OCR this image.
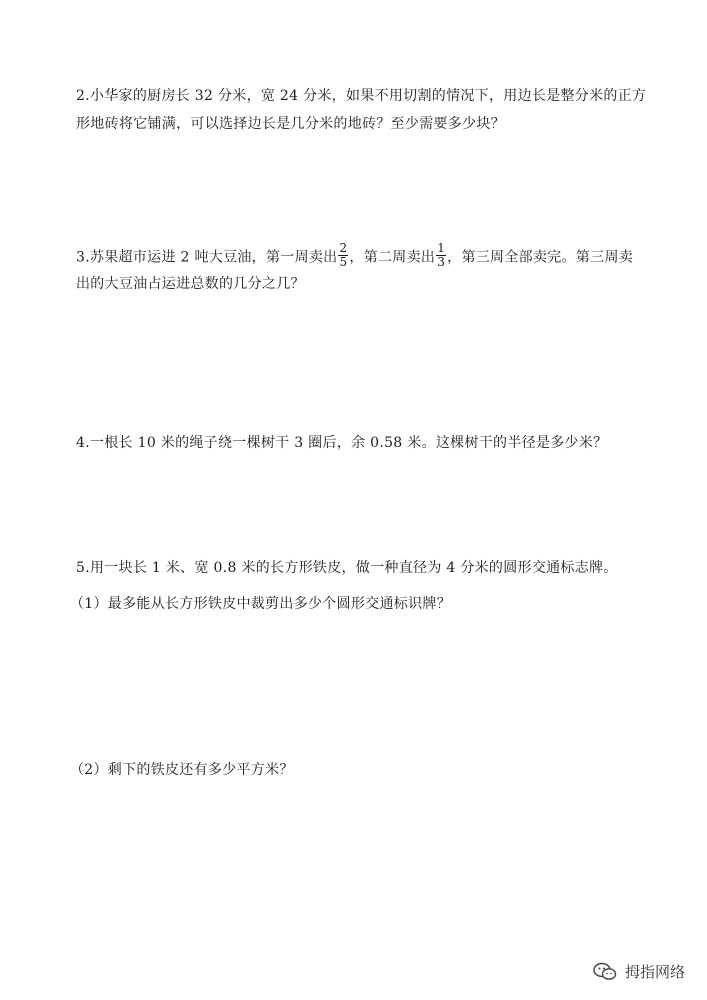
2.小华家的厨房长 32 分米，宽 24 分米，如果不用切割的情况下，用边长是整分米的正方
形地砖将它铺满，可以选择边长是几分米的地砖？至少需要多少块？
3.苏果超市运进 2 吨大豆油，第一周卖出 $\frac{2}{5}$ ，第二周卖出 $\frac{1}{3}$ ，第三周全部卖完。第三周卖
出的大豆油占运进总数的几分之几？
4.一根长 10 米的绳子绕一棵树干 3 圈后，余 0.58 米。这棵树干的半径是多少米？
5.用一块长 1 米、宽 0.8 米的长方形铁皮，做一种直径为 4 分米的圆形交通标志牌。
（1）最多能从长方形铁皮中裁剪出多少个圆形交通标识牌？
（2）剩下的铁皮还有多少平方米？
拇指网络
